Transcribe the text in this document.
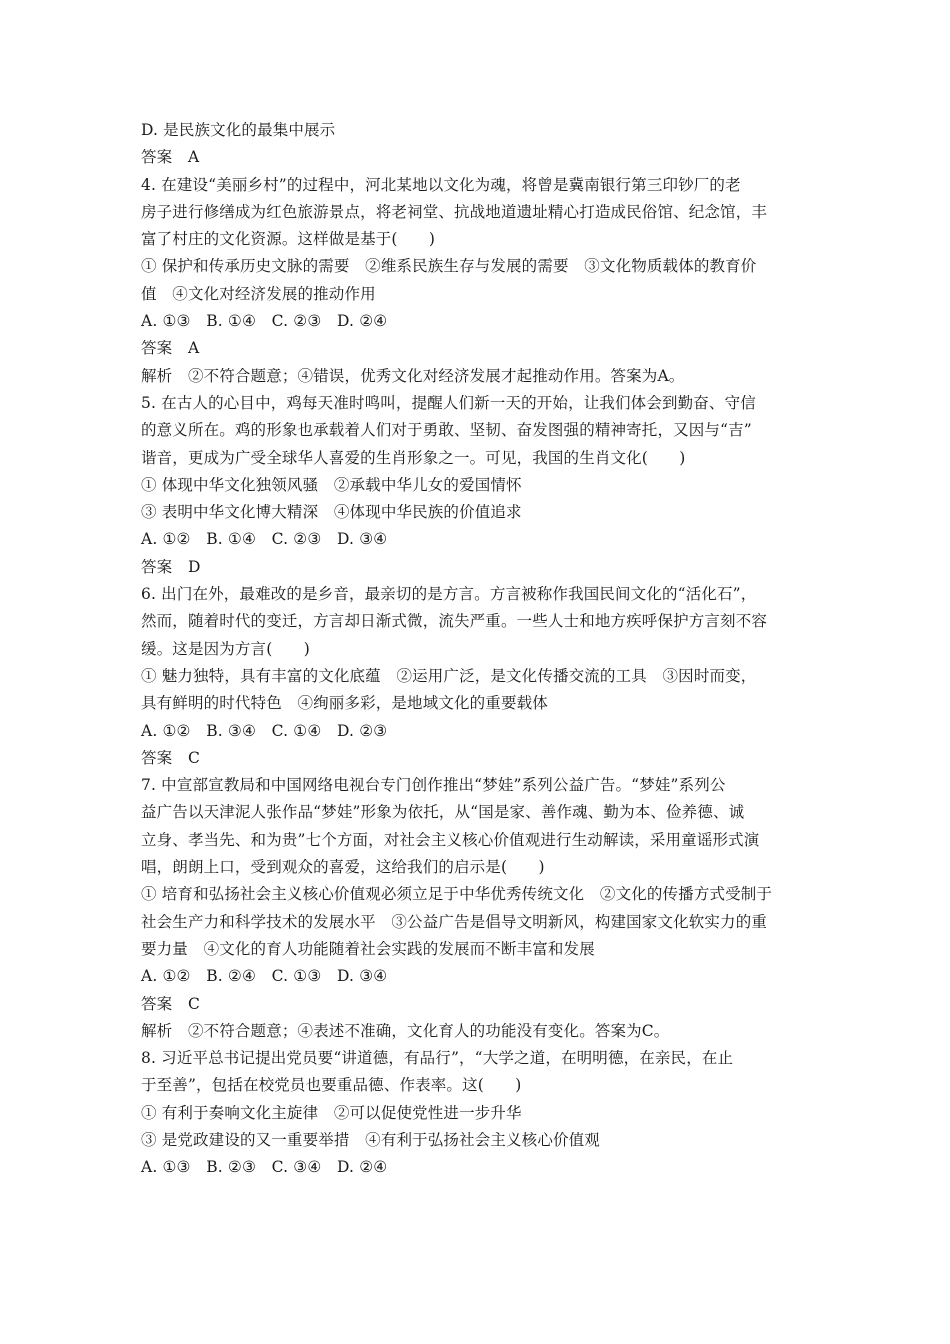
D. 是民族文化的最集中展示
答案　A
4. 在建设“美丽乡村”的过程中，河北某地以文化为魂，将曾是冀南银行第三印钞厂的老
房子进行修缮成为红色旅游景点，将老祠堂、抗战地道遗址精心打造成民俗馆、纪念馆，丰
富了村庄的文化资源。这样做是基于(　　)
① 保护和传承历史文脉的需要　②维系民族生存与发展的需要　③文化物质载体的教育价
值　④文化对经济发展的推动作用
A. ①③　B. ①④　C. ②③　D. ②④
答案　A
解析　②不符合题意；④错误，优秀文化对经济发展才起推动作用。答案为A。
5. 在古人的心目中，鸡每天准时鸣叫，提醒人们新一天的开始，让我们体会到勤奋、守信
的意义所在。鸡的形象也承载着人们对于勇敢、坚韧、奋发图强的精神寄托，又因与“吉”
谐音，更成为广受全球华人喜爱的生肖形象之一。可见，我国的生肖文化(　　)
① 体现中华文化独领风骚　②承载中华儿女的爱国情怀
③ 表明中华文化博大精深　④体现中华民族的价值追求
A. ①②　B. ①④　C. ②③　D. ③④
答案　D
6. 出门在外，最难改的是乡音，最亲切的是方言。方言被称作我国民间文化的“活化石”，
然而，随着时代的变迁，方言却日渐式微，流失严重。一些人士和地方疾呼保护方言刻不容
缓。这是因为方言(　　)
① 魅力独特，具有丰富的文化底蕴　②运用广泛，是文化传播交流的工具　③因时而变，
具有鲜明的时代特色　④绚丽多彩，是地域文化的重要载体
A. ①②　B. ③④　C. ①④　D. ②③
答案　C
7. 中宣部宣教局和中国网络电视台专门创作推出“梦娃”系列公益广告。“梦娃”系列公
益广告以天津泥人张作品“梦娃”形象为依托，从“国是家、善作魂、勤为本、俭养德、诚
立身、孝当先、和为贵”七个方面，对社会主义核心价值观进行生动解读，采用童谣形式演
唱，朗朗上口，受到观众的喜爱，这给我们的启示是(　　)
① 培育和弘扬社会主义核心价值观必须立足于中华优秀传统文化　②文化的传播方式受制于
社会生产力和科学技术的发展水平　③公益广告是倡导文明新风，构建国家文化软实力的重
要力量　④文化的育人功能随着社会实践的发展而不断丰富和发展
A. ①②　B. ②④　C. ①③　D. ③④
答案　C
解析　②不符合题意；④表述不准确，文化育人的功能没有变化。答案为C。
8. 习近平总书记提出党员要“讲道德，有品行”，“大学之道，在明明德，在亲民，在止
于至善”，包括在校党员也要重品德、作表率。这(　　)
① 有利于奏响文化主旋律　②可以促使党性进一步升华
③ 是党政建设的又一重要举措　④有利于弘扬社会主义核心价值观
A. ①③　B. ②③　C. ③④　D. ②④
